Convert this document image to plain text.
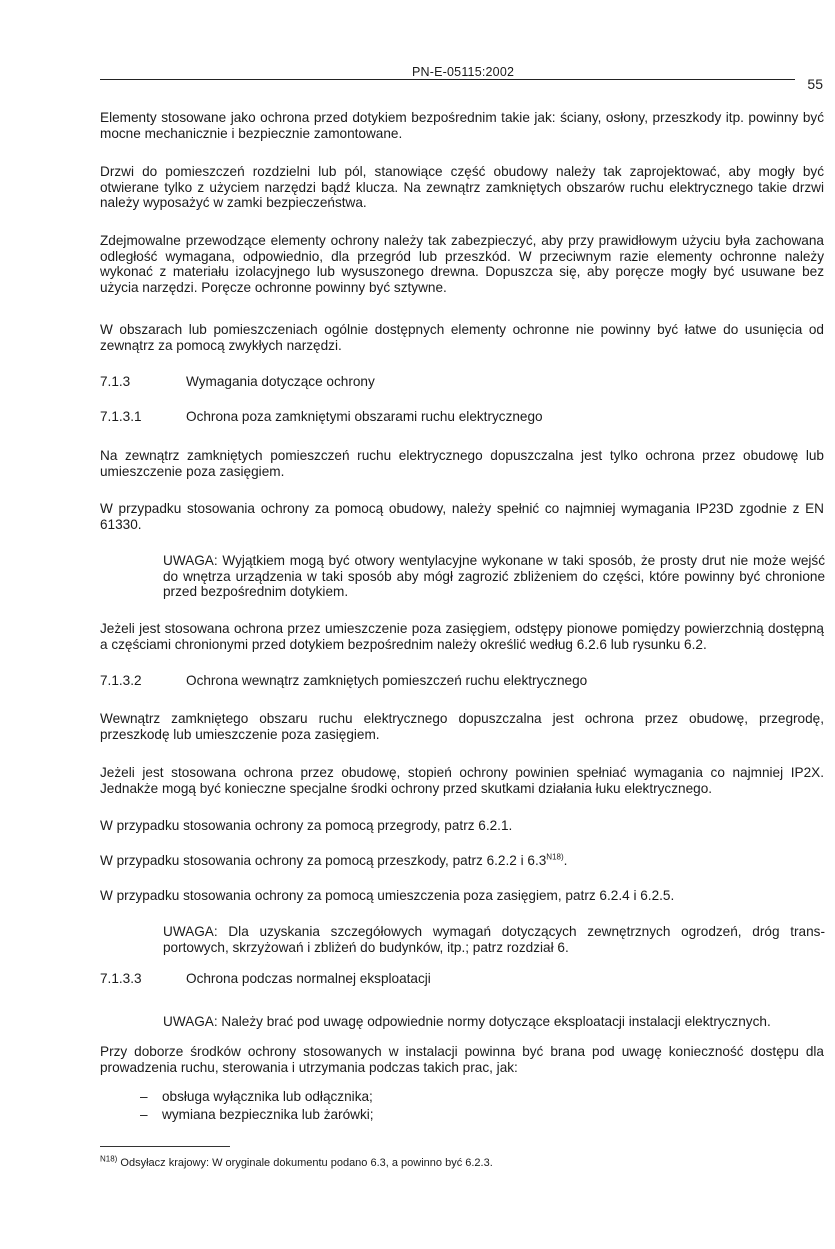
PN-E-05115:2002
55
Elementy stosowane jako ochrona przed dotykiem bezpośrednim takie jak: ściany, osłony, przeszkody itp. powinny być mocne mechanicznie i bezpiecznie zamontowane.
Drzwi do pomieszczeń rozdzielni lub pól, stanowiące część obudowy należy tak zaprojektować, aby mogły być otwierane tylko z użyciem narzędzi bądź klucza. Na zewnątrz zamkniętych obszarów ruchu elektrycznego takie drzwi należy wyposażyć w zamki bezpieczeństwa.
Zdejmowalne przewodzące elementy ochrony należy tak zabezpieczyć, aby przy prawidłowym użyciu była zachowana odległość wymagana, odpowiednio, dla przegród lub przeszkód. W przeciwnym razie elementy ochronne należy wykonać z materiału izolacyjnego lub wysuszonego drewna. Dopuszcza się, aby poręcze mogły być usuwane bez użycia narzędzi. Poręcze ochronne powinny być sztywne.
W obszarach lub pomieszczeniach ogólnie dostępnych elementy ochronne nie powinny być łatwe do usunięcia od zewnątrz za pomocą zwykłych narzędzi.
7.1.3	Wymagania dotyczące ochrony
7.1.3.1	Ochrona poza zamkniętymi obszarami ruchu elektrycznego
Na zewnątrz zamkniętych pomieszczeń ruchu elektrycznego dopuszczalna jest tylko ochrona przez obudowę lub umieszczenie poza zasięgiem.
W przypadku stosowania ochrony za pomocą obudowy, należy spełnić co najmniej wymagania IP23D zgodnie z EN 61330.
UWAGA: Wyjątkiem mogą być otwory wentylacyjne wykonane w taki sposób, że prosty drut nie może wejść do wnętrza urządzenia w taki sposób aby mógł zagrozić zbliżeniem do części, które powinny być chronione przed bezpośrednim dotykiem.
Jeżeli jest stosowana ochrona przez umieszczenie poza zasięgiem, odstępy pionowe pomiędzy powierzchnią dostępną a częściami chronionymi przed dotykiem bezpośrednim należy określić według 6.2.6 lub rysunku 6.2.
7.1.3.2	Ochrona wewnątrz zamkniętych pomieszczeń ruchu elektrycznego
Wewnątrz zamkniętego obszaru ruchu elektrycznego dopuszczalna jest ochrona przez obudowę, przegrodę, przeszkodę lub umieszczenie poza zasięgiem.
Jeżeli jest stosowana ochrona przez obudowę, stopień ochrony powinien spełniać wymagania co najmniej IP2X. Jednakże mogą być konieczne specjalne środki ochrony przed skutkami działania łuku elektrycznego.
W przypadku stosowania ochrony za pomocą przegrody, patrz 6.2.1.
W przypadku stosowania ochrony za pomocą przeszkody, patrz 6.2.2 i $6.3^{N18)}$.
W przypadku stosowania ochrony za pomocą umieszczenia poza zasięgiem, patrz 6.2.4 i 6.2.5.
UWAGA: Dla uzyskania szczegółowych wymagań dotyczących zewnętrznych ogrodzeń, dróg trans-portowych, skrzyżowań i zbliżeń do budynków, itp.; patrz rozdział 6.
7.1.3.3	Ochrona podczas normalnej eksploatacji
UWAGA: Należy brać pod uwagę odpowiednie normy dotyczące eksploatacji instalacji elektrycznych.
Przy doborze środków ochrony stosowanych w instalacji powinna być brana pod uwagę konieczność dostępu dla prowadzenia ruchu, sterowania i utrzymania podczas takich prac, jak:
– obsługa wyłącznika lub odłącznika;
– wymiana bezpiecznika lub żarówki;
$^{N18)}$ Odsyłacz krajowy: W oryginale dokumentu podano 6.3, a powinno być 6.2.3.
